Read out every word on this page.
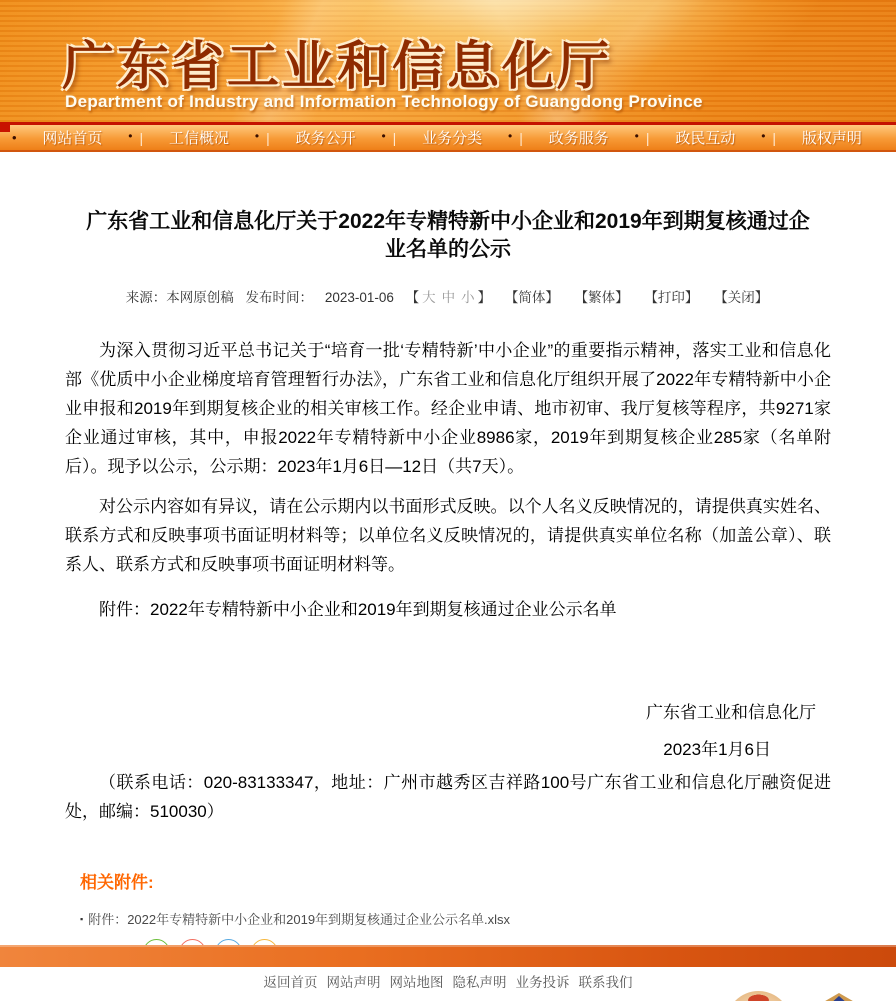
广东省工业和信息化厅
Department of Industry and Information Technology of Guangdong Province
• 网站首页 • | 工信概况 • | 政务公开 • | 业务分类 • | 政务服务 • | 政民互动 • | 版权声明
广东省工业和信息化厅关于2022年专精特新中小企业和2019年到期复核通过企业名单的公示
来源：本网原创稿 发布时间： 2023-01-06 【 大 中 小 】 【简体】 【繁体】 【打印】 【关闭】

为深入贯彻习近平总书记关于“培育一批‘专精特新’中小企业”的重要指示精神，落实工业和信息化部《优质中小企业梯度培育管理暂行办法》，广东省工业和信息化厅组织开展了2022年专精特新中小企业申报和2019年到期复核企业的相关审核工作。经企业申请、地市初审、我厅复核等程序，共9271家企业通过审核，其中，申报2022年专精特新中小企业8986家，2019年到期复核企业285家（名单附后）。现予以公示，公示期：2023年1月6日—12日（共7天）。

对公示内容如有异议，请在公示期内以书面形式反映。以个人名义反映情况的，请提供真实姓名、联系方式和反映事项书面证明材料等；以单位名义反映情况的，请提供真实单位名称（加盖公章）、联系人、联系方式和反映事项书面证明材料等。

附件：2022年专精特新中小企业和2019年到期复核通过企业公示名单

广东省工业和信息化厅

2023年1月6日

（联系电话：020-83133347，地址：广州市越秀区吉祥路100号广东省工业和信息化厅融资促进处，邮编：510030）

相关附件:

▪ 附件：2022年专精特新中小企业和2019年到期复核通过企业公示名单.xlsx

返回首页 网站声明 网站地图 隐私声明 业务投诉 联系我们
